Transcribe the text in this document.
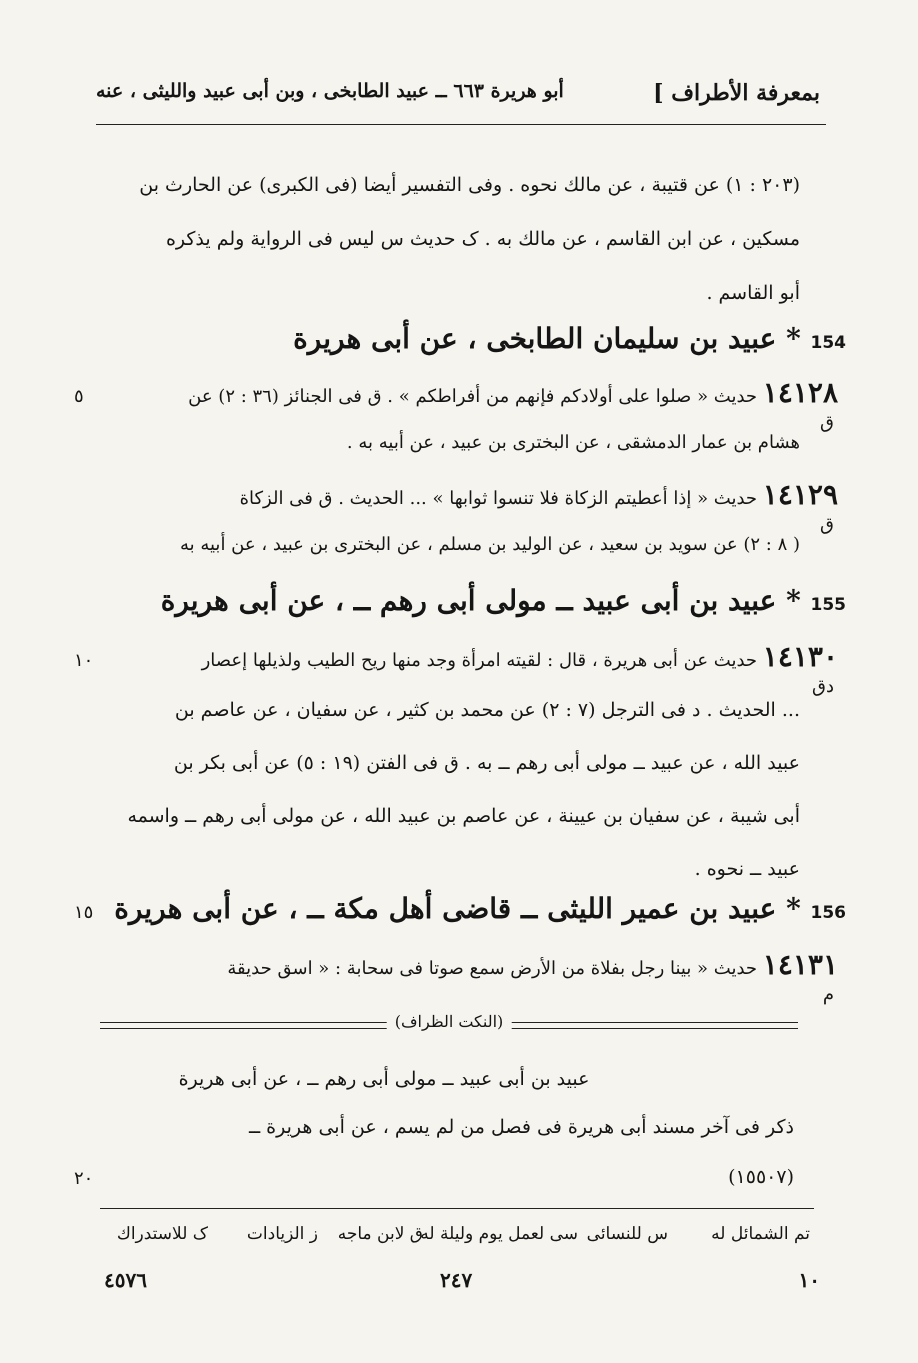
بمعرفة الأطراف ]
أبو هريرة ٦٦٣ ــ عبيد الطابخى ، وبن أبى عبيد والليثى ، عنه

(٢٠٣ : ١) عن قتيبة ، عن مالك نحوه . وفى التفسير أيضا (فى الكبرى) عن الحارث بن

مسكين ، عن ابن القاسم ، عن مالك به . ک حديث س ليس فى الرواية ولم يذكره

أبو القاسم .

154 * عبيد بن سليمان الطابخى ، عن أبى هريرة
٥	١٤١٢٨ حديث « صلوا على أولادكم فإنهم من أفراطكم » . ق فى الجنائز (٣٦ : ٢) عن
ق
هشام بن عمار الدمشقى ، عن البخترى بن عبيد ، عن أبيه به .
١٤١٢٩ حديث « إذا أعطيتم الزكاة فلا تنسوا ثوابها » ... الحديث . ق فى الزكاة
ق
( ٨ : ٢) عن سويد بن سعيد ، عن الوليد بن مسلم ، عن البخترى بن عبيد ، عن أبيه به
155 * عبيد بن أبى عبيد ــ مولى أبى رهم ــ ، عن أبى هريرة
١٠	١٤١٣٠ حديث عن أبى هريرة ، قال : لقيته امرأة وجد منها ريح الطيب ولذيلها إعصار
دق

... الحديث . د فى الترجل (٧ : ٢) عن محمد بن كثير ، عن سفيان ، عن عاصم بن

عبيد الله ، عن عبيد ــ مولى أبى رهم ــ به . ق فى الفتن (١٩ : ٥) عن أبى بكر بن

أبى شيبة ، عن سفيان بن عيينة ، عن عاصم بن عبيد الله ، عن مولى أبى رهم ــ واسمه

عبيد ــ نحوه .

156 * عبيد بن عمير الليثى ــ قاضى أهل مكة ــ ، عن أبى هريرة
١٥
١٤١٣١ حديث « بينا رجل بفلاة من الأرض سمع صوتا فى سحابة : « اسق حديقة
م
(النكت الظراف)
عبيد بن أبى عبيد ــ مولى أبى رهم ــ ، عن أبى هريرة
ذكر فى آخر مسند أبى هريرة فى فصل من لم يسم ، عن أبى هريرة ــ
(١٥٥٠٧)
٢٠
تم الشمائل له
س للنسائى
سى لعمل يوم وليلة له
ق لابن ماجه
ز الزيادات
ک للاستدراك
٤٥٧٦	٢٤٧	١٠
